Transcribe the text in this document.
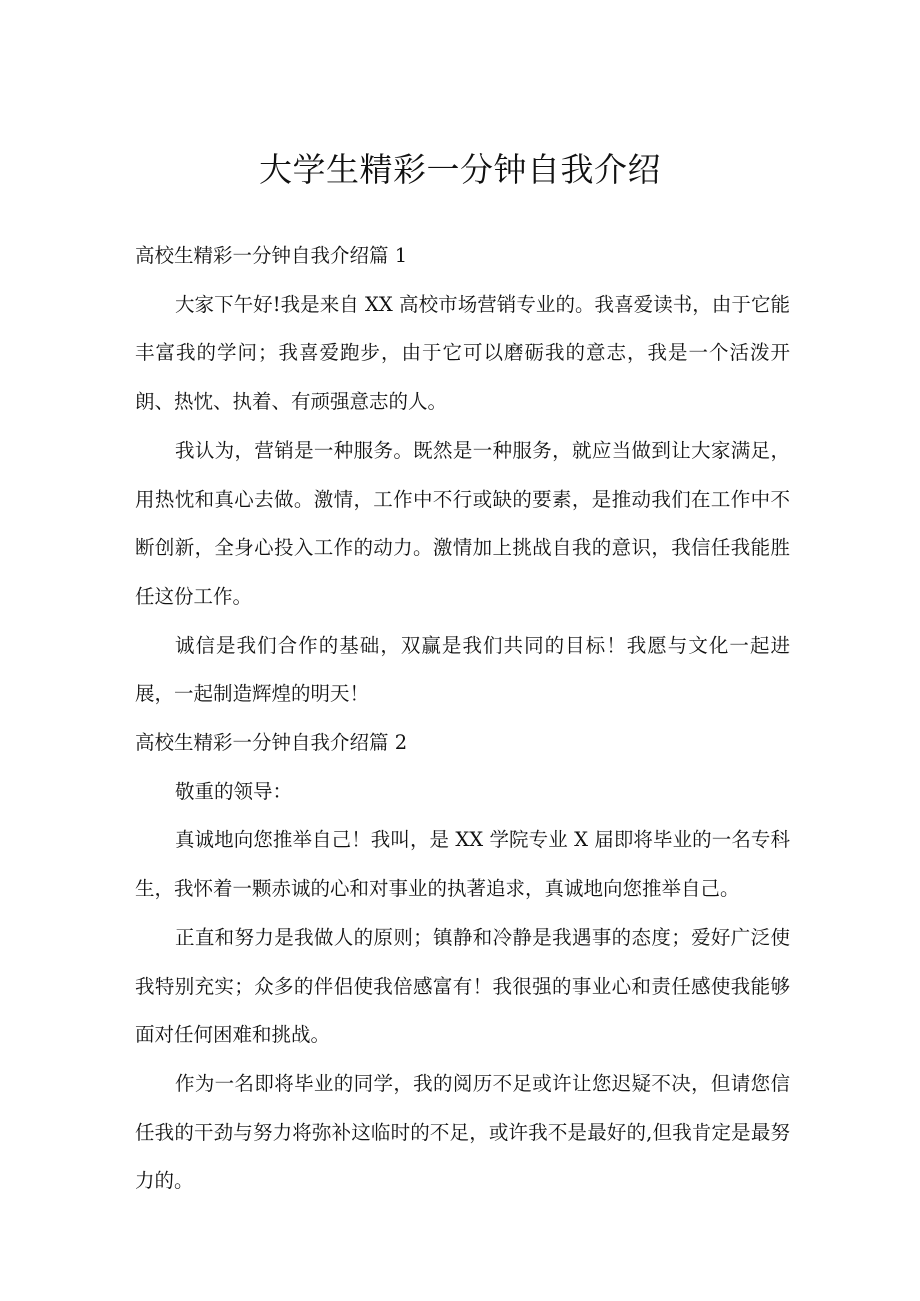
大学生精彩一分钟自我介绍
高校生精彩一分钟自我介绍篇 1

大家下午好!我是来自 XX 高校市场营销专业的。我喜爱读书，由于它能丰富我的学问；我喜爱跑步，由于它可以磨砺我的意志，我是一个活泼开朗、热忱、执着、有顽强意志的人。

我认为，营销是一种服务。既然是一种服务，就应当做到让大家满足，用热忱和真心去做。激情，工作中不行或缺的要素，是推动我们在工作中不断创新，全身心投入工作的动力。激情加上挑战自我的意识，我信任我能胜任这份工作。

诚信是我们合作的基础，双赢是我们共同的目标！我愿与文化一起进展，一起制造辉煌的明天！

高校生精彩一分钟自我介绍篇 2

敬重的领导：

真诚地向您推举自己！我叫，是 XX 学院专业 X 届即将毕业的一名专科生，我怀着一颗赤诚的心和对事业的执著追求，真诚地向您推举自己。

正直和努力是我做人的原则；镇静和冷静是我遇事的态度；爱好广泛使我特别充实；众多的伴侣使我倍感富有！我很强的事业心和责任感使我能够面对任何困难和挑战。

作为一名即将毕业的同学，我的阅历不足或许让您迟疑不决，但请您信任我的干劲与努力将弥补这临时的不足，或许我不是最好的,但我肯定是最努力的。
